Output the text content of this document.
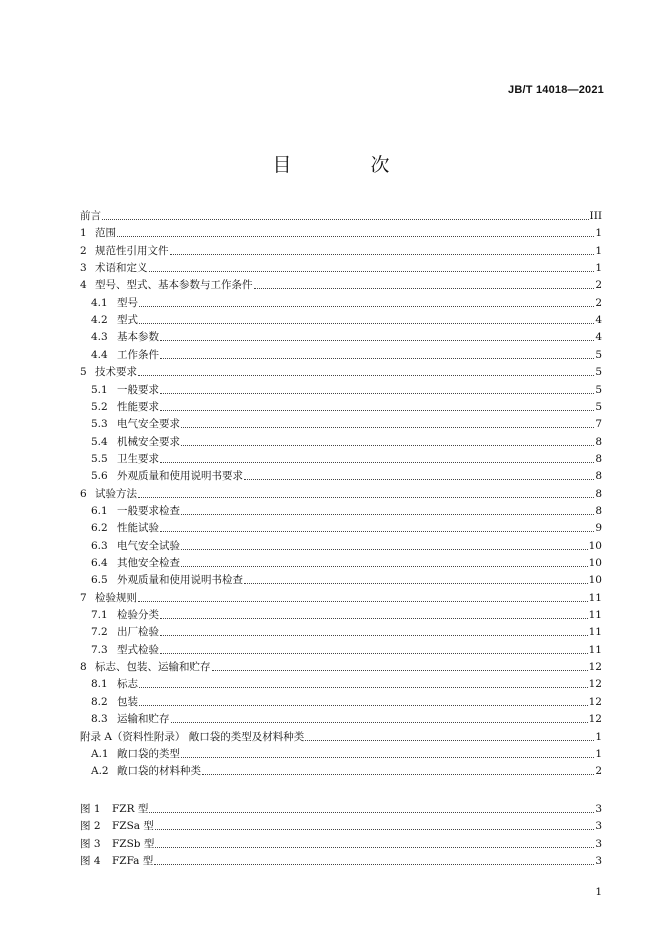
JB/T 14018—2021
目　次
前言	III
1 范围	1
2 规范性引用文件	1
3 术语和定义	1
4 型号、型式、基本参数与工作条件	2
4.1 型号	2
4.2 型式	4
4.3 基本参数	4
4.4 工作条件	5
5 技术要求	5
5.1 一般要求	5
5.2 性能要求	5
5.3 电气安全要求	7
5.4 机械安全要求	8
5.5 卫生要求	8
5.6 外观质量和使用说明书要求	8
6 试验方法	8
6.1 一般要求检查	8
6.2 性能试验	9
6.3 电气安全试验	10
6.4 其他安全检查	10
6.5 外观质量和使用说明书检查	10
7 检验规则	11
7.1 检验分类	11
7.2 出厂检验	11
7.3 型式检验	11
8 标志、包装、运输和贮存	12
8.1 标志	12
8.2 包装	12
8.3 运输和贮存	12
附录 A（资料性附录） 敞口袋的类型及材料种类	1
A.1 敞口袋的类型	1
A.2 敞口袋的材料种类	2
图 1	FZR 型	3
图 2	FZSa 型	3
图 3	FZSb 型	3
图 4	FZFa 型	3
1
